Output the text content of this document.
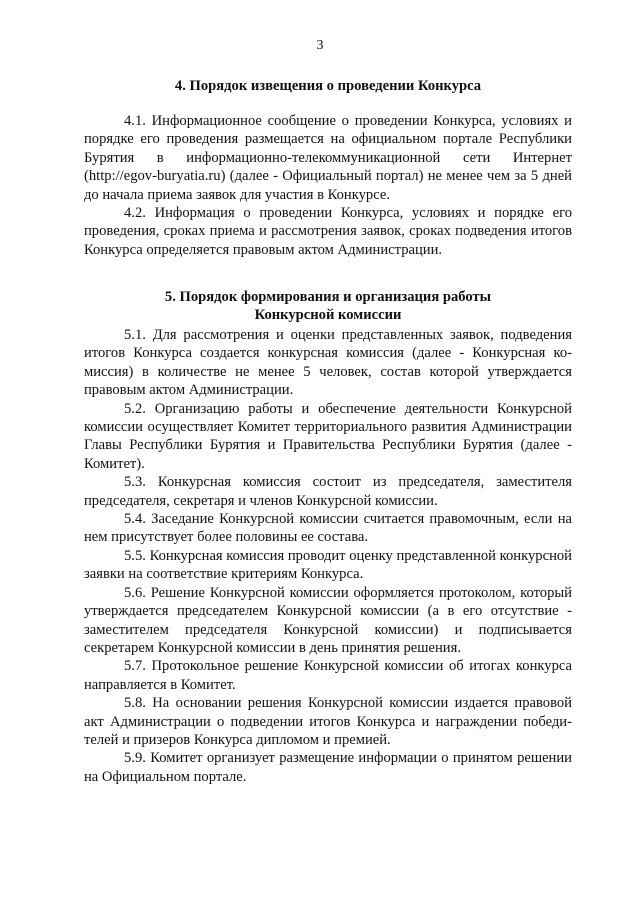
3
4. Порядок извещения о проведении Конкурса

4.1. Информационное сообщение о проведении Конкурса, условиях и порядке его проведения размещается на официальном портале Республики Бурятия в информационно-телекоммуникационной сети Интернет (http://egov-buryatia.ru) (далее - Официальный портал) не менее чем за 5 дней до начала приема заявок для участия в Конкурсе.

4.2. Информация о проведении Конкурса, условиях и порядке его проведения, сроках приема и рассмотрения заявок, сроках подведения итогов Конкурса определяется правовым актом Администрации.

5. Порядок формирования и организация работы
Конкурсной комиссии

5.1. Для рассмотрения и оценки представленных заявок, подведения итогов Конкурса создается конкурсная комиссия (далее - Конкурсная комиссия) в количестве не менее 5 человек, состав которой утверждается правовым актом Администрации.

5.2. Организацию работы и обеспечение деятельности Конкурсной комиссии осуществляет Комитет территориального развития Администрации Главы Республики Бурятия и Правительства Республики Бурятия (далее - Комитет).

5.3. Конкурсная комиссия состоит из председателя, заместителя председателя, секретаря и членов Конкурсной комиссии.

5.4. Заседание Конкурсной комиссии считается правомочным, если на нем присутствует более половины ее состава.

5.5. Конкурсная комиссия проводит оценку представленной конкурсной заявки на соответствие критериям Конкурса.

5.6. Решение Конкурсной комиссии оформляется протоколом, который утверждается председателем Конкурсной комиссии (а в его отсутствие - заместителем председателя Конкурсной комиссии) и подписывается секретарем Конкурсной комиссии в день принятия решения.

5.7. Протокольное решение Конкурсной комиссии об итогах конкурса направляется в Комитет.

5.8. На основании решения Конкурсной комиссии издается правовой акт Администрации о подведении итогов Конкурса и награждении победителей и призеров Конкурса дипломом и премией.

5.9. Комитет организует размещение информации о принятом решении на Официальном портале.
